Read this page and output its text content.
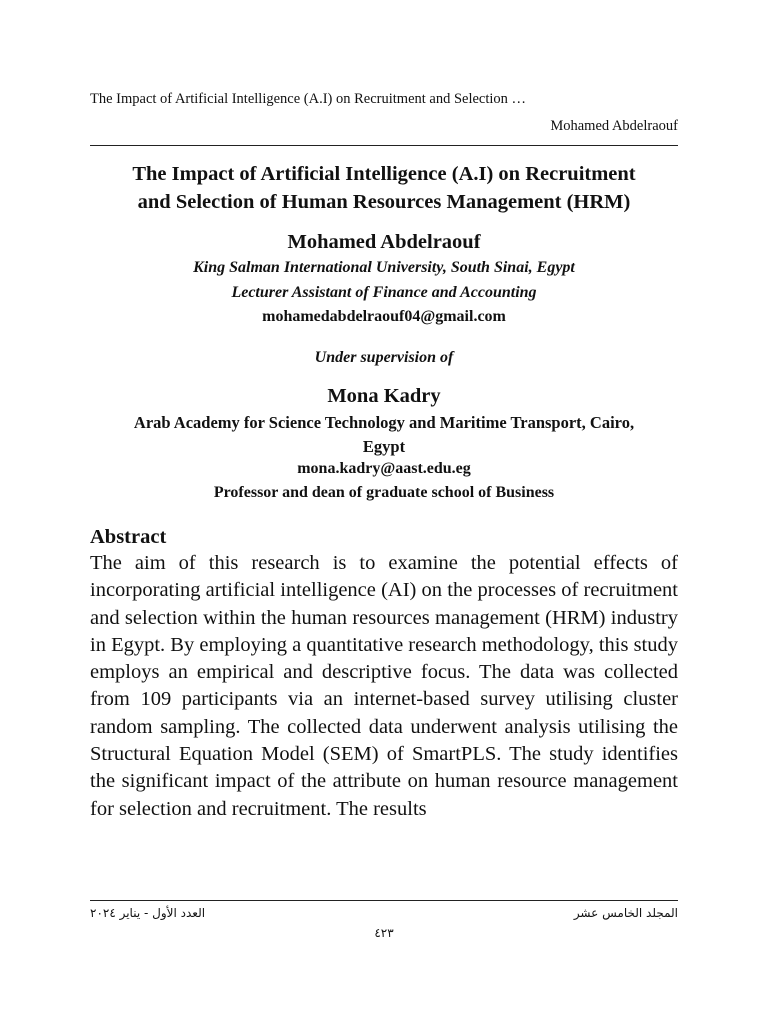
The Impact of Artificial Intelligence (A.I) on Recruitment and Selection …
Mohamed Abdelraouf
The Impact of Artificial Intelligence (A.I) on Recruitment
and Selection of Human Resources Management (HRM)
Mohamed Abdelraouf
King Salman International University, South Sinai, Egypt
Lecturer Assistant of Finance and Accounting
mohamedabdelraouf04@gmail.com
Under supervision of
Mona Kadry
Arab Academy for Science Technology and Maritime Transport, Cairo,
Egypt
mona.kadry@aast.edu.eg
Professor and dean of graduate school of Business
Abstract
The aim of this research is to examine the potential effects of incorporating artificial intelligence (AI) on the processes of recruitment and selection within the human resources management (HRM) industry in Egypt. By employing a quantitative research methodology, this study employs an empirical and descriptive focus. The data was collected from 109 participants via an internet-based survey utilising cluster random sampling. The collected data underwent analysis utilising the Structural Equation Model (SEM) of SmartPLS. The study identifies the significant impact of the attribute on human resource management for selection and recruitment. The results
المجلد الخامس عشر
العدد الأول - يناير ٢٠٢٤
٤٢٣
